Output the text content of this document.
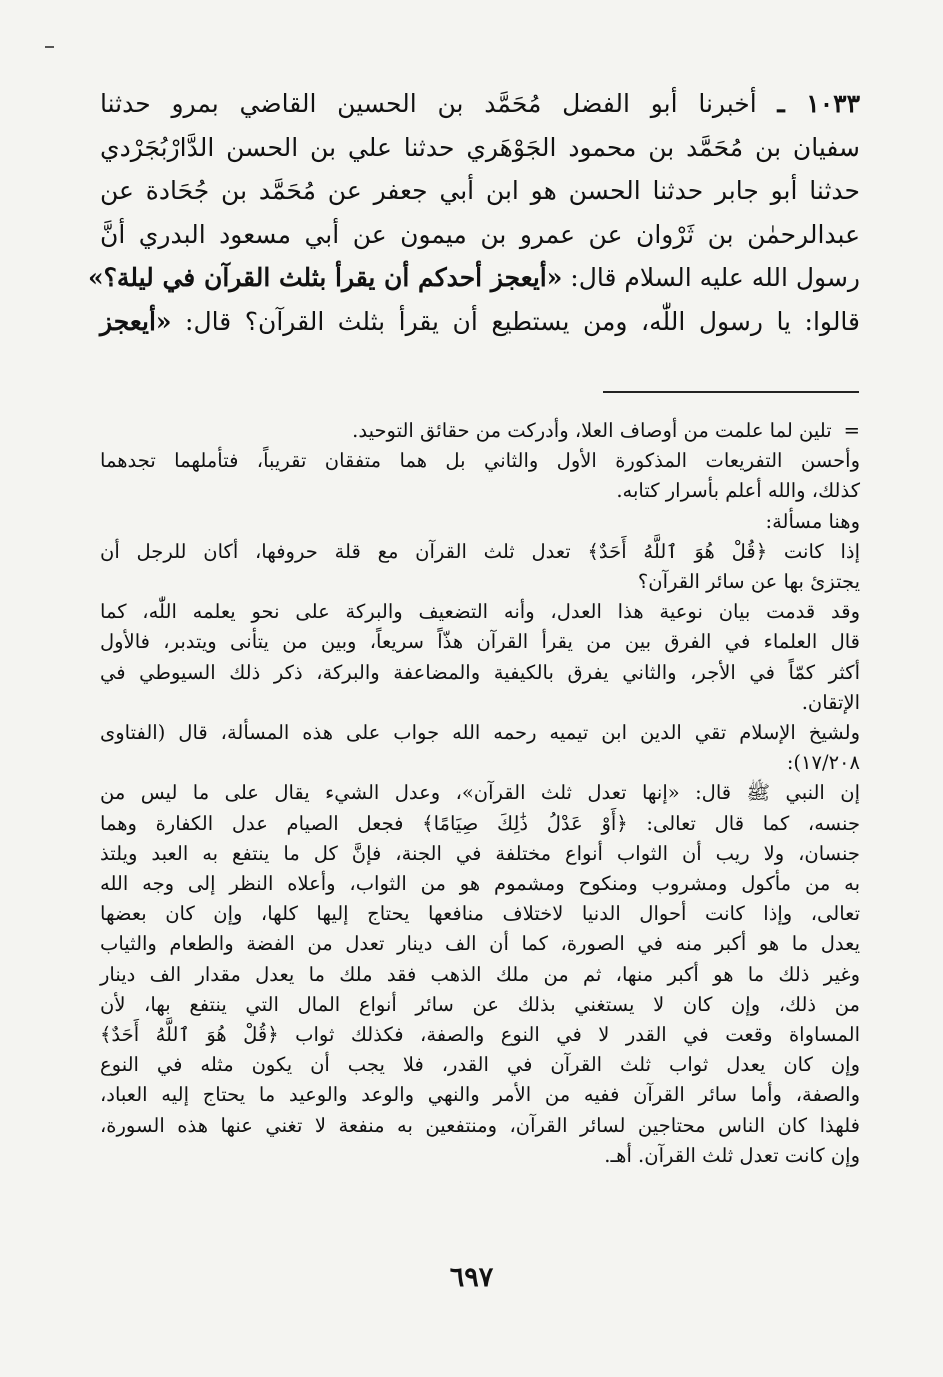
١٠٣٣ ـ أخبرنا أبو الفضل مُحَمَّد بن الحسين القاضي بمرو حدثنا
سفيان بن مُحَمَّد بن محمود الجَوْهَري حدثنا علي بن الحسن الدَّارْبُجَرْدي
حدثنا أبو جابر حدثنا الحسن هو ابن أبي جعفر عن مُحَمَّد بن جُحَادة عن
عبدالرحمٰن بن ثَرْوان عن عمرو بن ميمون عن أبي مسعود البدري أنَّ
رسول الله عليه السلام قال: «أيعجز أحدكم أن يقرأ بثلث القرآن في ليلة؟»
قالوا: يا رسول اللّٰه، ومن يستطيع أن يقرأ بثلث القرآن؟ قال: «أيعجز
=تلين لما علمت من أوصاف العلا، وأدركت من حقائق التوحيد.
وأحسن التفريعات المذكورة الأول والثاني بل هما متفقان تقريباً، فتأملهما تجدهما
كذلك، والله أعلم بأسرار كتابه.
وهنا مسألة:
إذا كانت ﴿قُلْ هُوَ ٱللَّهُ أَحَدٌ﴾ تعدل ثلث القرآن مع قلة حروفها، أكان للرجل أن
يجتزئ بها عن سائر القرآن؟
وقد قدمت بيان نوعية هذا العدل، وأنه التضعيف والبركة على نحو يعلمه اللّٰه، كما
قال العلماء في الفرق بين من يقرأ القرآن هذّاً سريعاً، وبين من يتأنى ويتدبر، فالأول
أكثر كمّاً في الأجر، والثاني يفرق بالكيفية والمضاعفة والبركة، ذكر ذلك السيوطي في
الإتقان.
ولشيخ الإسلام تقي الدين ابن تيميه رحمه الله جواب على هذه المسألة، قال (الفتاوى
١٧/٢٠٨):
إن النبي ﷺ قال: «إنها تعدل ثلث القرآن»، وعدل الشيء يقال على ما ليس من
جنسه، كما قال تعالى: ﴿أَوْ عَدْلُ ذَٰلِكَ صِيَامًا﴾ فجعل الصيام عدل الكفارة وهما
جنسان، ولا ريب أن الثواب أنواع مختلفة في الجنة، فإنَّ كل ما ينتفع به العبد ويلتذ
به من مأكول ومشروب ومنكوح ومشموم هو من الثواب، وأعلاه النظر إلى وجه الله
تعالى، وإذا كانت أحوال الدنيا لاختلاف منافعها يحتاج إليها كلها، وإن كان بعضها
يعدل ما هو أكبر منه في الصورة، كما أن الف دينار تعدل من الفضة والطعام والثياب
وغير ذلك ما هو أكبر منها، ثم من ملك الذهب فقد ملك ما يعدل مقدار الف دينار
من ذلك، وإن كان لا يستغني بذلك عن سائر أنواع المال التي ينتفع بها، لأن
المساواة وقعت في القدر لا في النوع والصفة، فكذلك ثواب ﴿قُلْ هُوَ ٱللَّهُ أَحَدٌ﴾
وإن كان يعدل ثواب ثلث القرآن في القدر، فلا يجب أن يكون مثله في النوع
والصفة، وأما سائر القرآن ففيه من الأمر والنهي والوعد والوعيد ما يحتاج إليه العباد،
فلهذا كان الناس محتاجين لسائر القرآن، ومنتفعين به منفعة لا تغني عنها هذه السورة،
وإن كانت تعدل ثلث القرآن. أهـ.
٦٩٧
